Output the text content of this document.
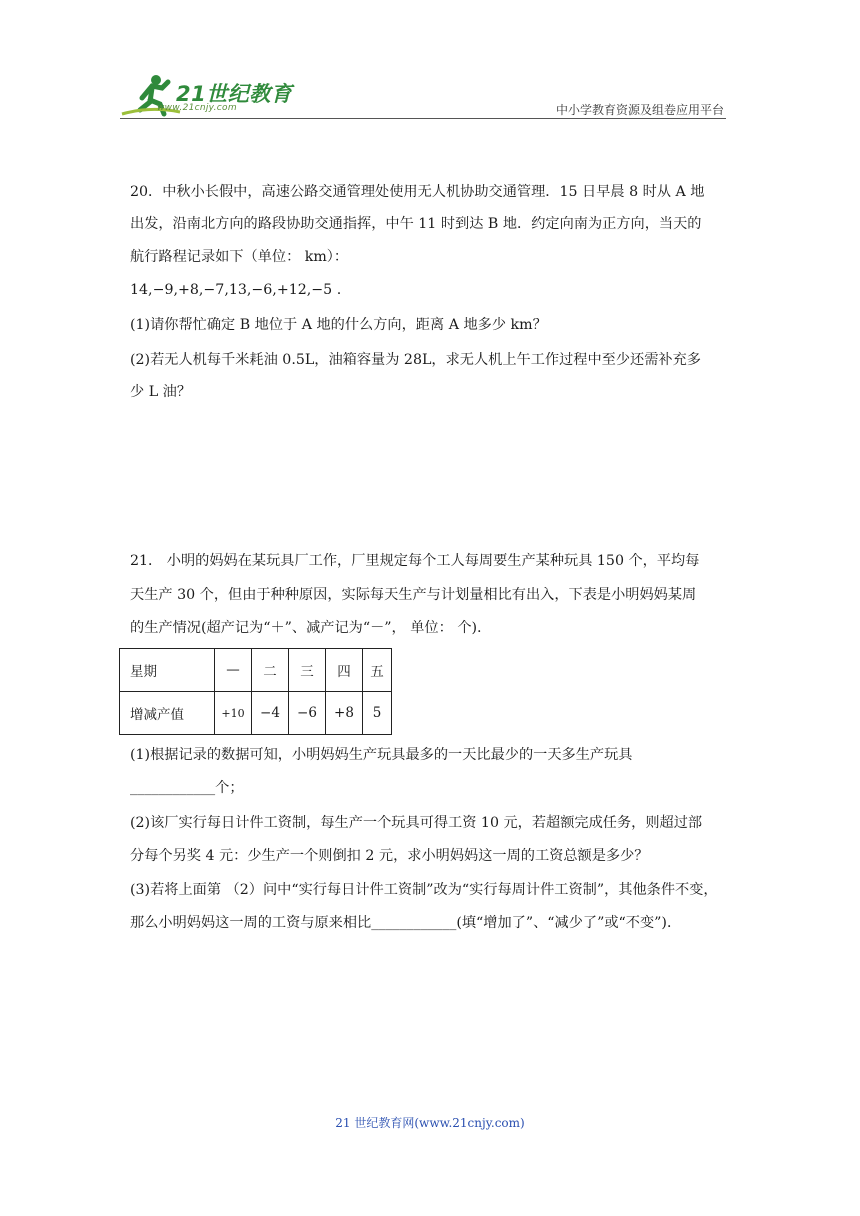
21世纪教育
www.21cnjy.com	中小学教育资源及组卷应用平台
20．中秋小长假中，高速公路交通管理处使用无人机协助交通管理．15 日早晨 8 时从 A 地
出发，沿南北方向的路段协助交通指挥，中午 11 时到达 B 地．约定向南为正方向，当天的
航行路程记录如下（单位： km）：
14,−9,+8,−7,13,−6,+12,−5 .
(1)请你帮忙确定 B 地位于 A 地的什么方向，距离 A 地多少 km？
(2)若无人机每千米耗油 0.5L，油箱容量为 28L，求无人机上午工作过程中至少还需补充多
少 L 油？
21． 小明的妈妈在某玩具厂工作，厂里规定每个工人每周要生产某种玩具 150 个，平均每
天生产 30 个，但由于种种原因，实际每天生产与计划量相比有出入，下表是小明妈妈某周
的生产情况(超产记为“＋”、减产记为“－”， 单位： 个).
星期	—	二	三	四	五
增减产值	+10	−4	−6	+8	5
(1)根据记录的数据可知，小明妈妈生产玩具最多的一天比最少的一天多生产玩具
____________个；
(2)该厂实行每日计件工资制，每生产一个玩具可得工资 10 元，若超额完成任务，则超过部
分每个另奖 4 元：少生产一个则倒扣 2 元，求小明妈妈这一周的工资总额是多少？
(3)若将上面第 （2）问中“实行每日计件工资制”改为“实行每周计件工资制”，其他条件不变，
那么小明妈妈这一周的工资与原来相比____________(填“增加了”、“减少了”或“不变”)．
21 世纪教育网(www.21cnjy.com)
